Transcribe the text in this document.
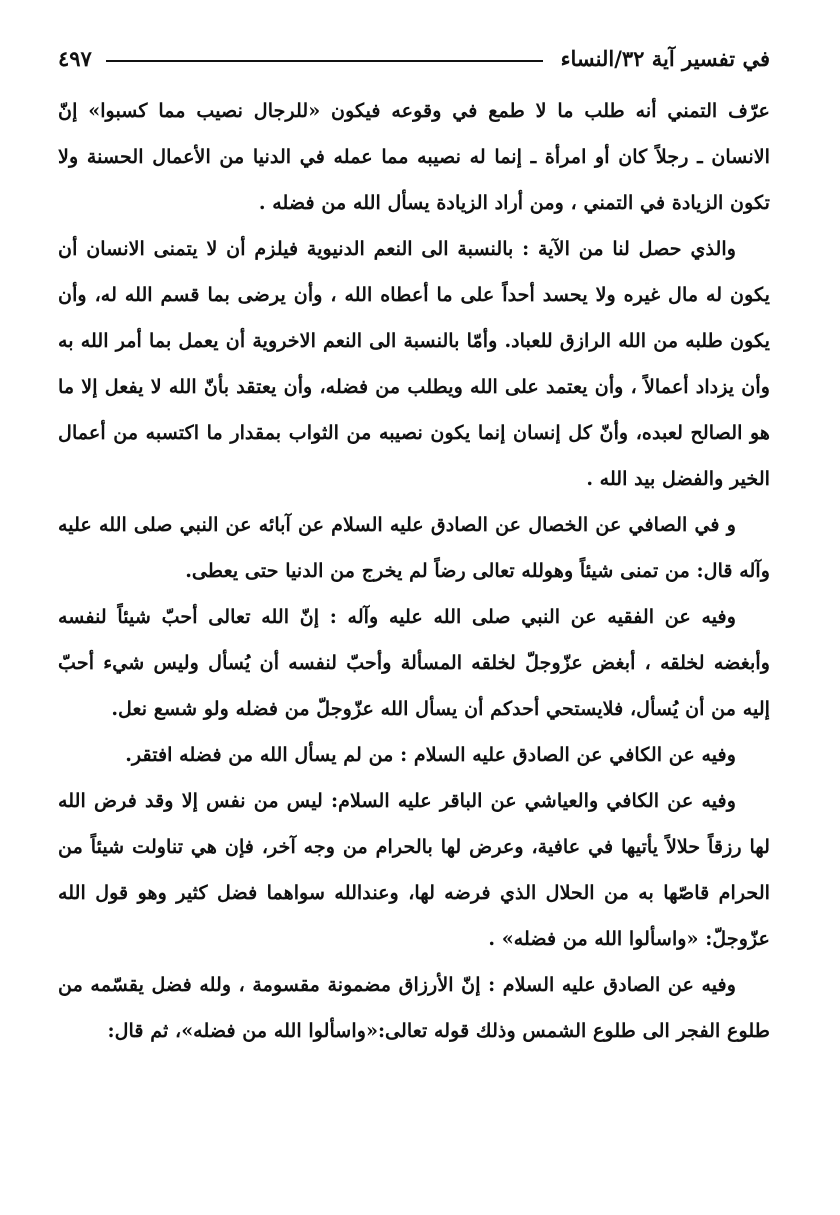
في تفسير آية ٣٢/النساء
٤٩٧

عرّف التمني أنه طلب ما لا طمع في وقوعه فيكون «للرجال نصيب مما كسبوا» إنّ الانسان ـ رجلاً كان أو امرأة ـ إنما له نصيبه مما عمله في الدنيا من الأعمال الحسنة ولا تكون الزيادة في التمني ، ومن أراد الزيادة يسأل الله من فضله .

والذي حصل لنا من الآية : بالنسبة الى النعم الدنيوية فيلزم أن لا يتمنى الانسان أن يكون له مال غيره ولا يحسد أحداً على ما أعطاه الله ، وأن يرضى بما قسم الله له، وأن يكون طلبه من الله الرازق للعباد. وأمّا بالنسبة الى النعم الاخروية أن يعمل بما أمر الله به وأن يزداد أعمالاً ، وأن يعتمد على الله ويطلب من فضله، وأن يعتقد بأنّ الله لا يفعل إلا ما هو الصالح لعبده، وأنّ كل إنسان إنما يكون نصيبه من الثواب بمقدار ما اكتسبه من أعمال الخير والفضل بيد الله .

و في الصافي عن الخصال عن الصادق عليه السلام عن آبائه عن النبي صلى الله عليه وآله قال: من تمنى شيئاً وهولله تعالى رضاً لم يخرج من الدنيا حتى يعطى.

وفيه عن الفقيه عن النبي صلى الله عليه وآله : إنّ الله تعالى أحبّ شيئاً لنفسه وأبغضه لخلقه ، أبغض عزّوجلّ لخلقه المسألة وأحبّ لنفسه أن يُسأل وليس شيء أحبّ إليه من أن يُسأل، فلايستحي أحدكم أن يسأل الله عزّوجلّ من فضله ولو شسع نعل.

وفيه عن الكافي عن الصادق عليه السلام : من لم يسأل الله من فضله افتقر.

وفيه عن الكافي والعياشي عن الباقر عليه السلام: ليس من نفس إلا وقد فرض الله لها رزقاً حلالاً يأتيها في عافية، وعرض لها بالحرام من وجه آخر، فإن هي تناولت شيئاً من الحرام قاصّها به من الحلال الذي فرضه لها، وعندالله سواهما فضل كثير وهو قول الله عزّوجلّ: «واسألوا الله من فضله» .

وفيه عن الصادق عليه السلام : إنّ الأرزاق مضمونة مقسومة ، ولله فضل يقسّمه من طلوع الفجر الى طلوع الشمس وذلك قوله تعالى:«واسألوا الله من فضله»، ثم قال:
